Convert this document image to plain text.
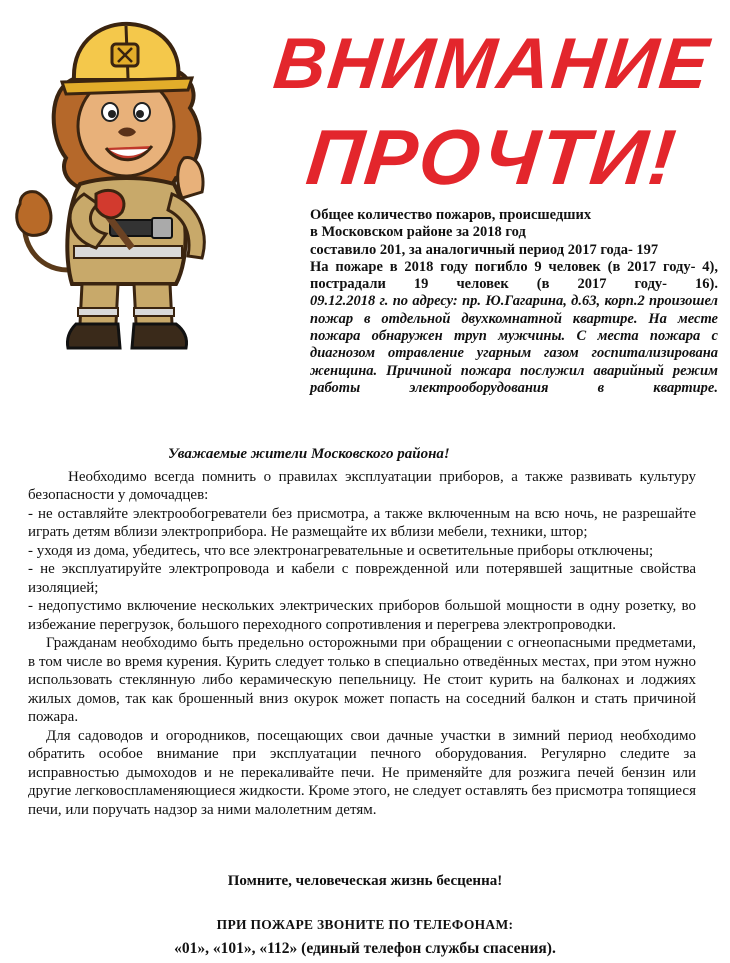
ВНИМАНИЕ
ПРОЧТИ!
Общее количество пожаров, происшедших
в Московском районе за 2018 год
составило 201, за аналогичный период 2017 года- 197
На пожаре в 2018 году погибло 9 человек (в 2017 году- 4), пострадали 19 человек (в 2017 году- 16).
09.12.2018 г. по адресу: пр. Ю.Гагарина, д.63, корп.2 произошел пожар в отдельной двухкомнатной квартире. На месте пожара обнаружен труп мужчины. С места пожара с диагнозом отравление угарным газом госпитализирована женщина. Причиной пожара послужил аварийный режим работы электрооборудования в квартире.
Уважаемые жители Московского района!

Необходимо всегда помнить о правилах эксплуатации приборов, а также развивать культуру безопасности у домочадцев:

- не оставляйте электрообогреватели без присмотра, а также включенным на всю ночь, не разрешайте играть детям вблизи электроприбора. Не размещайте их вблизи мебели, техники, штор;

- уходя из дома, убедитесь, что все электронагревательные и осветительные приборы отключены;

- не эксплуатируйте электропровода и кабели с поврежденной или потерявшей защитные свойства изоляцией;

- недопустимо включение нескольких электрических приборов большой мощности в одну розетку, во избежание перегрузок, большого переходного сопротивления и перегрева электропроводки.

Гражданам необходимо быть предельно осторожными при обращении с огнеопасными предметами, в том числе во время курения. Курить следует только в специально отведённых местах, при этом нужно использовать стеклянную либо керамическую пепельницу. Не стоит курить на балконах и лоджиях жилых домов, так как брошенный вниз окурок может попасть на соседний балкон и стать причиной пожара.

Для садоводов и огородников, посещающих свои дачные участки в зимний период необходимо обратить особое внимание при эксплуатации печного оборудования. Регулярно следите за исправностью дымоходов и не перекаливайте печи. Не применяйте для розжига печей бензин или другие легковоспламеняющиеся жидкости. Кроме этого, не следует оставлять без присмотра топящиеся печи, или поручать надзор за ними малолетним детям.

Помните, человеческая жизнь бесценна!
ПРИ ПОЖАРЕ ЗВОНИТЕ ПО ТЕЛЕФОНАМ:
«01», «101», «112» (единый телефон службы спасения).
